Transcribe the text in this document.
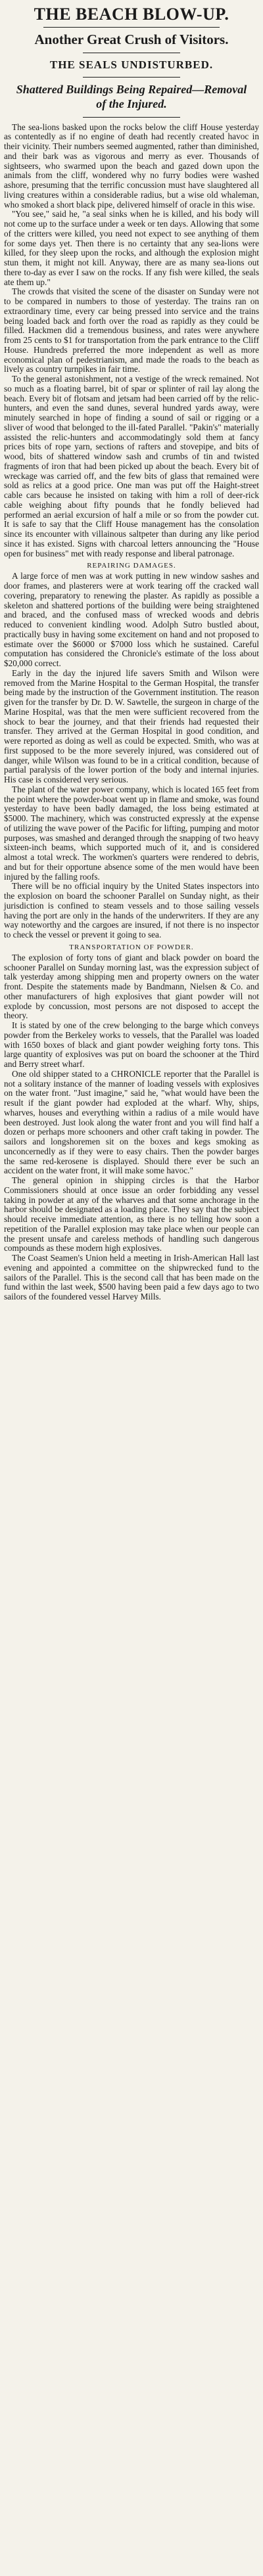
THE BEACH BLOW-UP.
Another Great Crush of Visitors.
THE SEALS UNDISTURBED.
Shattered Buildings Being Repaired—Removal of the Injured.

The sea-lions basked upon the rocks below the cliff House yesterday as contentedly as if no engine of death had recently created havoc in their vicinity. Their numbers seemed augmented, rather than diminished, and their bark was as vigorous and merry as ever. Thousands of sightseers, who swarmed upon the beach and gazed down upon the animals from the cliff, wondered why no furry bodies were washed ashore, presuming that the terrific concussion must have slaughtered all living creatures within a considerable radius, but a wise old whaleman, who smoked a short black pipe, delivered himself of oracle in this wise.

"You see," said he, "a seal sinks when he is killed, and his body will not come up to the surface under a week or ten days. Allowing that some of the critters were killed, you need not expect to see anything of them for some days yet. Then there is no certainty that any sea-lions were killed, for they sleep upon the rocks, and although the explosion might stun them, it might not kill. Anyway, there are as many sea-lions out there to-day as ever I saw on the rocks. If any fish were killed, the seals ate them up."

The crowds that visited the scene of the disaster on Sunday were not to be compared in numbers to those of yesterday. The trains ran on extraordinary time, every car being pressed into service and the trains being loaded back and forth over the road as rapidly as they could be filled. Hackmen did a tremendous business, and rates were anywhere from 25 cents to $1 for transportation from the park entrance to the Cliff House. Hundreds preferred the more independent as well as more economical plan of pedestrianism, and made the roads to the beach as lively as country turnpikes in fair time.

To the general astonishment, not a vestige of the wreck remained. Not so much as a floating barrel, bit of spar or splinter of rail lay along the beach. Every bit of flotsam and jetsam had been carried off by the relic-hunters, and even the sand dunes, several hundred yards away, were minutely searched in hope of finding a sound of sail or rigging or a sliver of wood that belonged to the ill-fated Parallel. "Pakin's" materially assisted the relic-hunters and accommodatingly sold them at fancy prices bits of rope yarn, sections of rafters and stovepipe, and bits of wood, bits of shattered window sash and crumbs of tin and twisted fragments of iron that had been picked up about the beach. Every bit of wreckage was carried off, and the few bits of glass that remained were sold as relics at a good price. One man was put off the Haight-street cable cars because he insisted on taking with him a roll of deer-rick cable weighing about fifty pounds that he fondly believed had performed an aerial excursion of half a mile or so from the powder cut. It is safe to say that the Cliff House management has the consolation since its encounter with villainous saltpeter than during any like period since it has existed. Signs with charcoal letters announcing the "House open for business" met with ready response and liberal patronage.

REPAIRING DAMAGES.

A large force of men was at work putting in new window sashes and door frames, and plasterers were at work tearing off the cracked wall covering, preparatory to renewing the plaster. As rapidly as possible a skeleton and shattered portions of the building were being straightened and braced, and the confused mass of wrecked woods and debris reduced to convenient kindling wood. Adolph Sutro bustled about, practically busy in having some excitement on hand and not proposed to estimate over the $6000 or $7000 loss which he sustained. Careful computation has considered the Chronicle's estimate of the loss about $20,000 correct.

Early in the day the injured life savers Smith and Wilson were removed from the Marine Hospital to the German Hospital, the transfer being made by the instruction of the Government institution. The reason given for the transfer by Dr. D. W. Sawtelle, the surgeon in charge of the Marine Hospital, was that the men were sufficient recovered from the shock to bear the journey, and that their friends had requested their transfer. They arrived at the German Hospital in good condition, and were reported as doing as well as could be expected. Smith, who was at first supposed to be the more severely injured, was considered out of danger, while Wilson was found to be in a critical condition, because of partial paralysis of the lower portion of the body and internal injuries. His case is considered very serious.

The plant of the water power company, which is located 165 feet from the point where the powder-boat went up in flame and smoke, was found yesterday to have been badly damaged, the loss being estimated at $5000. The machinery, which was constructed expressly at the expense of utilizing the wave power of the Pacific for lifting, pumping and motor purposes, was smashed and deranged through the snapping of two heavy sixteen-inch beams, which supported much of it, and is considered almost a total wreck. The workmen's quarters were rendered to debris, and but for their opportune absence some of the men would have been injured by the falling roofs.

There will be no official inquiry by the United States inspectors into the explosion on board the schooner Parallel on Sunday night, as their jurisdiction is confined to steam vessels and to those sailing vessels having the port are only in the hands of the underwriters. If they are any way noteworthy and the cargoes are insured, if not there is no inspector to check the vessel or prevent it going to sea.

TRANSPORTATION OF POWDER.

The explosion of forty tons of giant and black powder on board the schooner Parallel on Sunday morning last, was the expression subject of talk yesterday among shipping men and property owners on the water front. Despite the statements made by Bandmann, Nielsen & Co. and other manufacturers of high explosives that giant powder will not explode by concussion, most persons are not disposed to accept the theory.

It is stated by one of the crew belonging to the barge which conveys powder from the Berkeley works to vessels, that the Parallel was loaded with 1650 boxes of black and giant powder weighing forty tons. This large quantity of explosives was put on board the schooner at the Third and Berry street wharf.

One old shipper stated to a CHRONICLE reporter that the Parallel is not a solitary instance of the manner of loading vessels with explosives on the water front. "Just imagine," said he, "what would have been the result if the giant powder had exploded at the wharf. Why, ships, wharves, houses and everything within a radius of a mile would have been destroyed. Just look along the water front and you will find half a dozen or perhaps more schooners and other craft taking in powder. The sailors and longshoremen sit on the boxes and kegs smoking as unconcernedly as if they were to easy chairs. Then the powder barges the same red-kerosene is displayed. Should there ever be such an accident on the water front, it will make some havoc."

The general opinion in shipping circles is that the Harbor Commissioners should at once issue an order forbidding any vessel taking in powder at any of the wharves and that some anchorage in the harbor should be designated as a loading place. They say that the subject should receive immediate attention, as there is no telling how soon a repetition of the Parallel explosion may take place when our people can the present unsafe and careless methods of handling such dangerous compounds as these modern high explosives.

The Coast Seamen's Union held a meeting in Irish-American Hall last evening and appointed a committee on the shipwrecked fund to the sailors of the Parallel. This is the second call that has been made on the fund within the last week, $500 having been paid a few days ago to two sailors of the foundered vessel Harvey Mills.
